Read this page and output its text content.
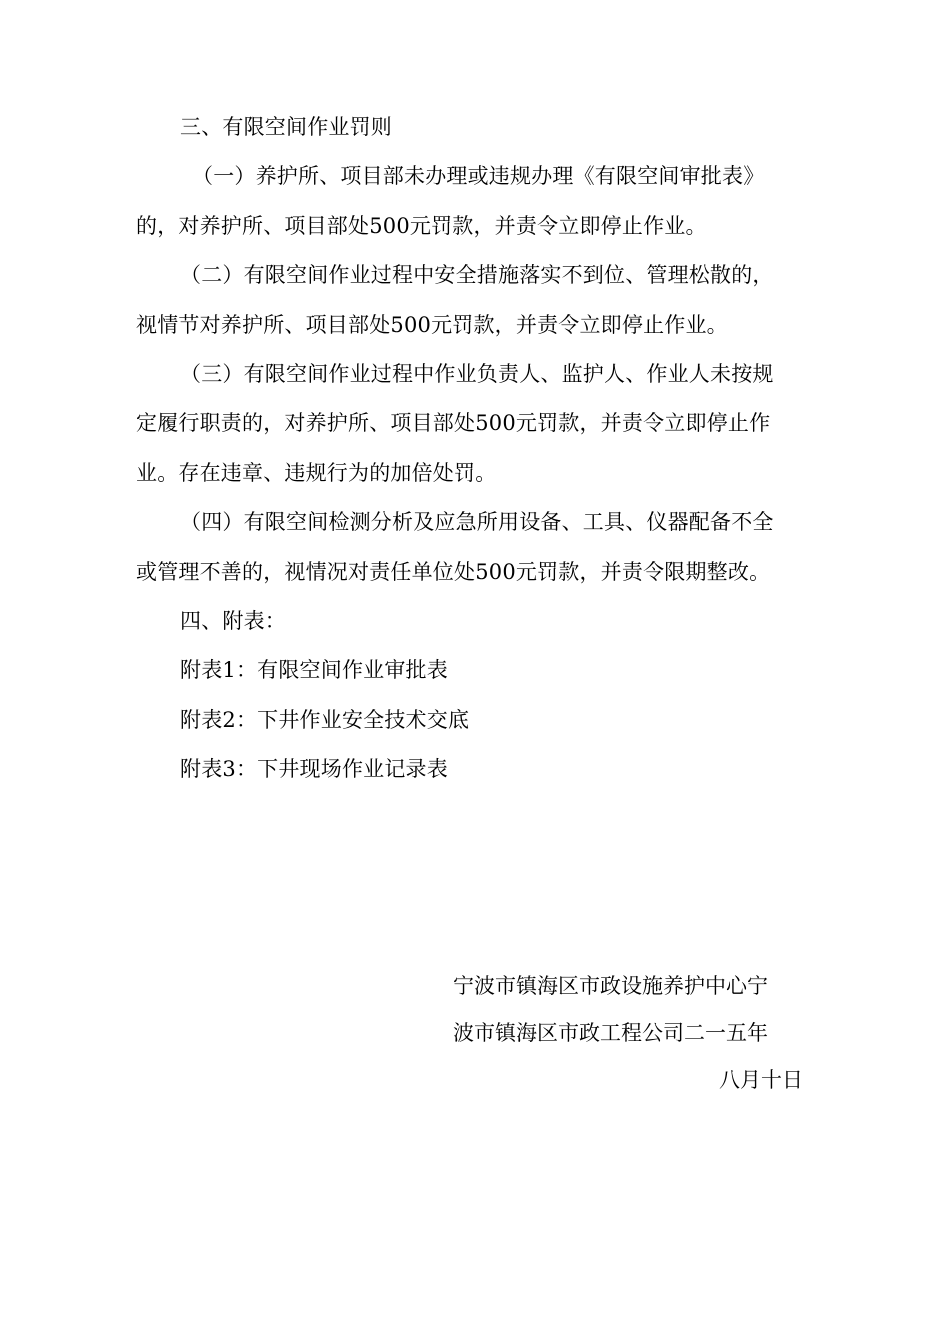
三、有限空间作业罚则
（一）养护所、项目部未办理或违规办理《有限空间审批表》
的，对养护所、项目部处500元罚款，并责令立即停止作业。
（二）有限空间作业过程中安全措施落实不到位、管理松散的，
视情节对养护所、项目部处500元罚款，并责令立即停止作业。
（三）有限空间作业过程中作业负责人、监护人、作业人未按规
定履行职责的，对养护所、项目部处500元罚款，并责令立即停止作
业。存在违章、违规行为的加倍处罚。
（四）有限空间检测分析及应急所用设备、工具、仪器配备不全
或管理不善的，视情况对责任单位处500元罚款，并责令限期整改。
四、附表：
附表1：有限空间作业审批表
附表2：下井作业安全技术交底
附表3：下井现场作业记录表
宁波市镇海区市政设施养护中心宁
波市镇海区市政工程公司二一五年
八月十日
